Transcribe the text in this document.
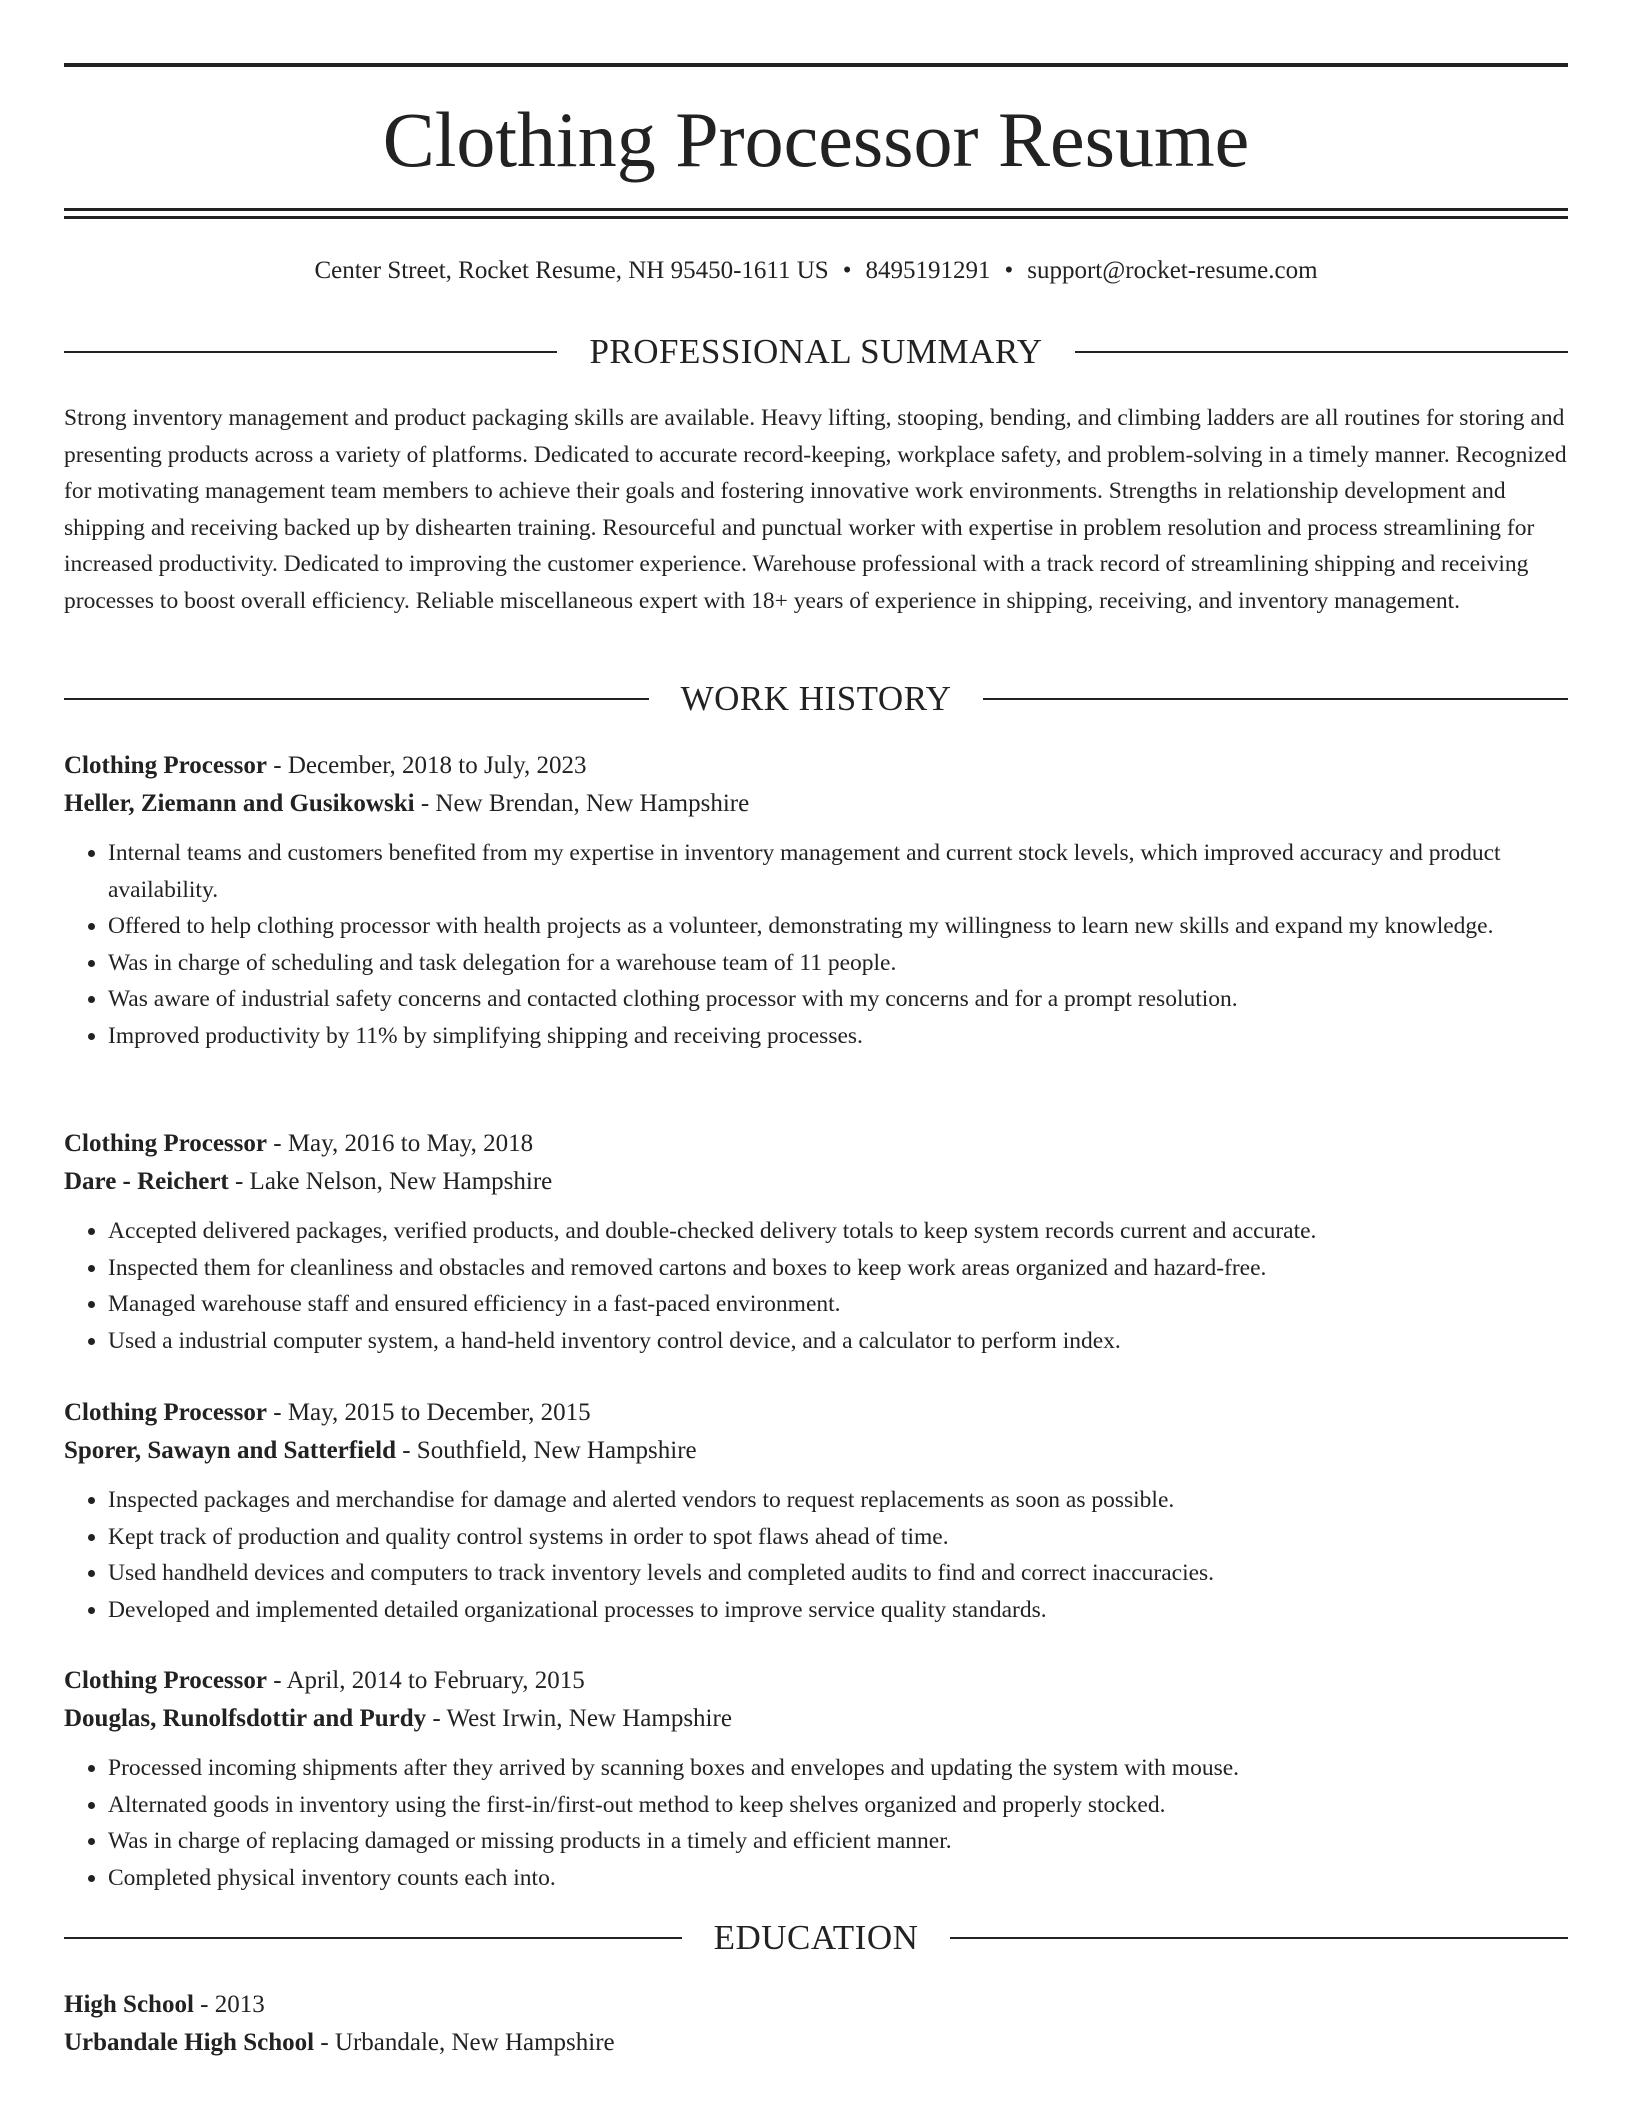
Clothing Processor Resume
Center Street, Rocket Resume, NH 95450-1611 US • 8495191291 • support@rocket-resume.com
PROFESSIONAL SUMMARY

Strong inventory management and product packaging skills are available. Heavy lifting, stooping, bending, and climbing ladders are all routines for storing and presenting products across a variety of platforms. Dedicated to accurate record-keeping, workplace safety, and problem-solving in a timely manner. Recognized for motivating management team members to achieve their goals and fostering innovative work environments. Strengths in relationship development and shipping and receiving backed up by dishearten training. Resourceful and punctual worker with expertise in problem resolution and process streamlining for increased productivity. Dedicated to improving the customer experience. Warehouse professional with a track record of streamlining shipping and receiving processes to boost overall efficiency. Reliable miscellaneous expert with 18+ years of experience in shipping, receiving, and inventory management.

WORK HISTORY

Clothing Processor - December, 2018 to July, 2023

Heller, Ziemann and Gusikowski - New Brendan, New Hampshire

• Internal teams and customers benefited from my expertise in inventory management and current stock levels, which improved accuracy and product availability.
• Offered to help clothing processor with health projects as a volunteer, demonstrating my willingness to learn new skills and expand my knowledge.
• Was in charge of scheduling and task delegation for a warehouse team of 11 people.
• Was aware of industrial safety concerns and contacted clothing processor with my concerns and for a prompt resolution.
• Improved productivity by 11% by simplifying shipping and receiving processes.

Clothing Processor - May, 2016 to May, 2018

Dare - Reichert - Lake Nelson, New Hampshire

• Accepted delivered packages, verified products, and double-checked delivery totals to keep system records current and accurate.
• Inspected them for cleanliness and obstacles and removed cartons and boxes to keep work areas organized and hazard-free.
• Managed warehouse staff and ensured efficiency in a fast-paced environment.
• Used a industrial computer system, a hand-held inventory control device, and a calculator to perform index.

Clothing Processor - May, 2015 to December, 2015

Sporer, Sawayn and Satterfield - Southfield, New Hampshire

• Inspected packages and merchandise for damage and alerted vendors to request replacements as soon as possible.
• Kept track of production and quality control systems in order to spot flaws ahead of time.
• Used handheld devices and computers to track inventory levels and completed audits to find and correct inaccuracies.
• Developed and implemented detailed organizational processes to improve service quality standards.

Clothing Processor - April, 2014 to February, 2015

Douglas, Runolfsdottir and Purdy - West Irwin, New Hampshire

• Processed incoming shipments after they arrived by scanning boxes and envelopes and updating the system with mouse.
• Alternated goods in inventory using the first-in/first-out method to keep shelves organized and properly stocked.
• Was in charge of replacing damaged or missing products in a timely and efficient manner.
• Completed physical inventory counts each into.
EDUCATION

High School - 2013

Urbandale High School - Urbandale, New Hampshire
